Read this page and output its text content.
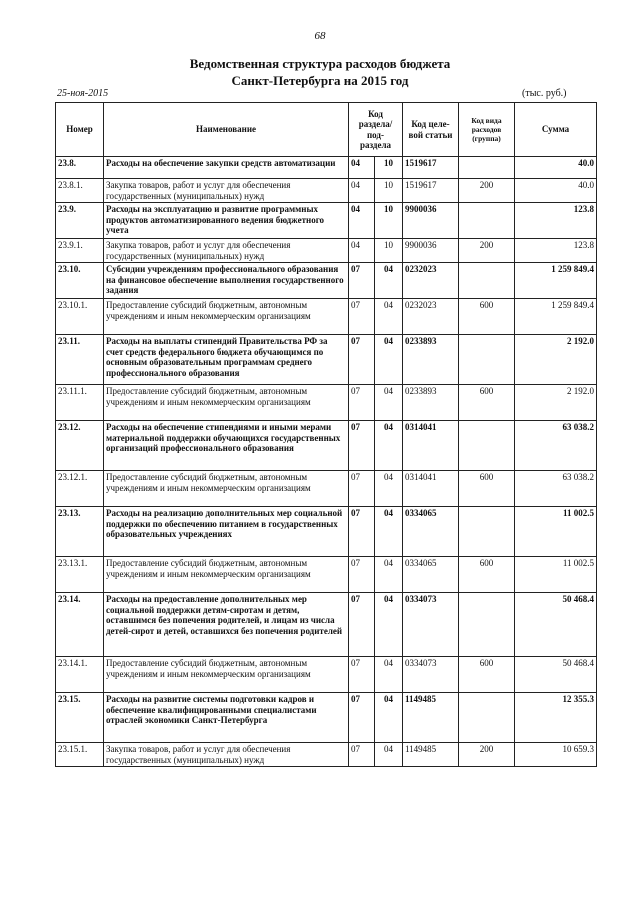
68
Ведомственная структура расходов бюджета
Санкт-Петербурга на 2015 год
25-ноя-2015	(тыс. руб.)
Номер	Наименование	Код раздела/ под- раздела		Код целе- вой статьи	Код вида расходов (группа)	Сумма
23.8.	Расходы на обеспечение закупки средств автоматизации	04	10	1519617		40.0
23.8.1.	Закупка товаров, работ и услуг для обеспечения государственных (муниципальных) нужд	04	10	1519617	200	40.0
23.9.	Расходы на эксплуатацию и развитие программных продуктов автоматизированного ведения бюджетного учета	04	10	9900036		123.8
23.9.1.	Закупка товаров, работ и услуг для обеспечения государственных (муниципальных) нужд	04	10	9900036	200	123.8
23.10.	Субсидии учреждениям профессионального образования на финансовое обеспечение выполнения государственного задания	07	04	0232023		1 259 849.4
23.10.1.	Предоставление субсидий бюджетным, автономным учреждениям и иным некоммерческим организациям	07	04	0232023	600	1 259 849.4
23.11.	Расходы на выплаты стипендий Правительства РФ за счет средств федерального бюджета обучающимся по основным образовательным программам среднего профессионального образования	07	04	0233893		2 192.0
23.11.1.	Предоставление субсидий бюджетным, автономным учреждениям и иным некоммерческим организациям	07	04	0233893	600	2 192.0
23.12.	Расходы на обеспечение стипендиями и иными мерами материальной поддержки обучающихся государственных организаций профессионального образования	07	04	0314041		63 038.2
23.12.1.	Предоставление субсидий бюджетным, автономным учреждениям и иным некоммерческим организациям	07	04	0314041	600	63 038.2
23.13.	Расходы на реализацию дополнительных мер социальной поддержки по обеспечению питанием в государственных образовательных учреждениях	07	04	0334065		11 002.5
23.13.1.	Предоставление субсидий бюджетным, автономным учреждениям и иным некоммерческим организациям	07	04	0334065	600	11 002.5
23.14.	Расходы на предоставление дополнительных мер социальной поддержки детям-сиротам и детям, оставшимся без попечения родителей, и лицам из числа детей-сирот и детей, оставшихся без попечения родителей	07	04	0334073		50 468.4
23.14.1.	Предоставление субсидий бюджетным, автономным учреждениям и иным некоммерческим организациям	07	04	0334073	600	50 468.4
23.15.	Расходы на развитие системы подготовки кадров и обеспечение квалифицированными специалистами отраслей экономики Санкт-Петербурга	07	04	1149485		12 355.3
23.15.1.	Закупка товаров, работ и услуг для обеспечения государственных (муниципальных) нужд	07	04	1149485	200	10 659.3
